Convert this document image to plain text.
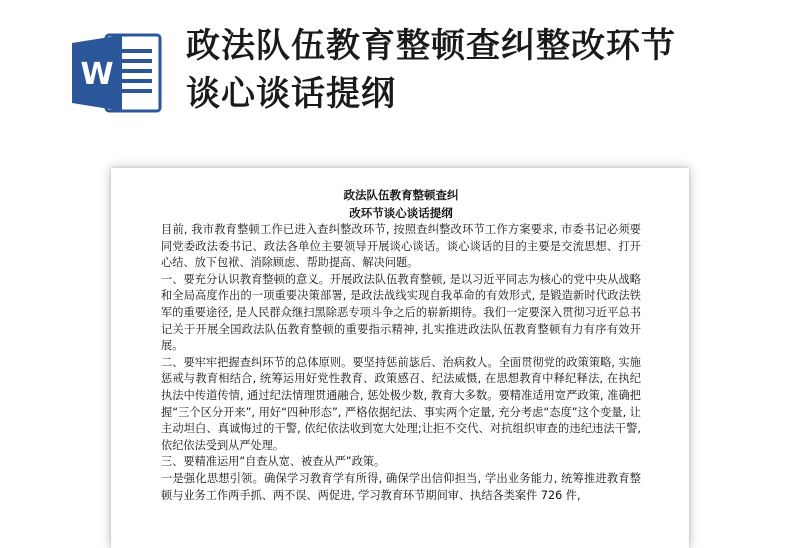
W
政法队伍教育整顿查纠整改环节
谈心谈话提纲
政法队伍教育整顿查纠
改环节谈心谈话提纲

目前, 我市教育整顿工作已进入查纠整改环节, 按照查纠整改环节工作方案要求, 市委书记必须要同党委政法委书记、政法各单位主要领导开展谈心谈话。谈心谈话的目的主要是交流思想、打开心结、放下包袱、消除顾虑、帮助提高、解决问题。

一、要充分认识教育整顿的意义。开展政法队伍教育整顿, 是以习近平同志为核心的党中央从战略和全局高度作出的一项重要决策部署, 是政法战线实现自我革命的有效形式, 是锻造新时代政法铁军的重要途径, 是人民群众继扫黑除恶专项斗争之后的崭新期待。我们一定要深入贯彻习近平总书记关于开展全国政法队伍教育整顿的重要指示精神, 扎实推进政法队伍教育整顿有力有序有效开展。

二、要牢牢把握查纠环节的总体原则。要坚持惩前毖后、治病救人。全面贯彻党的政策策略, 实施惩戒与教育相结合, 统筹运用好党性教育、政策感召、纪法威慑, 在思想教育中释纪释法, 在执纪执法中传道传情, 通过纪法情理贯通融合, 惩处极少数, 教育大多数。要精准适用宽严政策, 准确把握“三个区分开来”, 用好“四种形态”, 严格依据纪法、事实两个定量, 充分考虑“态度”这个变量, 让主动坦白、真诚悔过的干警, 依纪依法收到宽大处理;让拒不交代、对抗组织审查的违纪违法干警, 依纪依法受到从严处理。

三、要精准运用“自查从宽、被查从严”政策。

一是强化思想引领。确保学习教育学有所得, 确保学出信仰担当, 学出业务能力, 统筹推进教育整顿与业务工作两手抓、两不误、两促进, 学习教育环节期间审、执结各类案件 726 件,
